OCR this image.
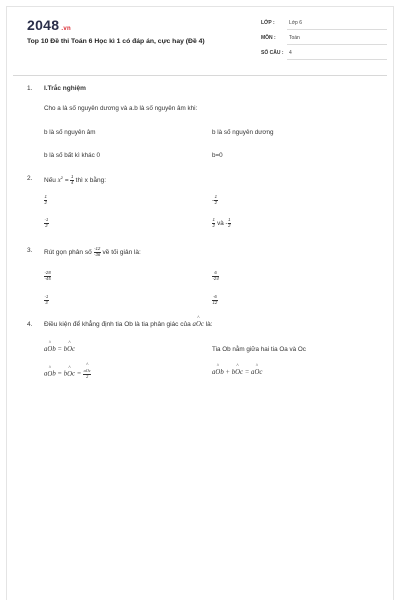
2048 .vn
Top 10 Đề thi Toán 6 Học kì 1 có đáp án, cực hay (Đề 4)
LỚP :	Lớp 6
MÔN :	Toán
SỐ CÂU : 4
1. I.Trắc nghiệm
Cho a là số nguyên dương và a.b là số nguyên âm khi:
b là số nguyên âm	b là số nguyên dương
b là số bất kì khác 0	b=0
2. Nếu $x^2 = \frac{1}{4}$ thì x bằng:
$\frac{1}{2}$	- $\frac{1}{2}$
$\frac{-1}{2}$	$\frac{1}{2}$ và - $\frac{1}{2}$
3. Rút gọn phân số $\frac{-12}{-36}$ về tối giản là:
$\frac{-28}{-45}$	$\frac{6}{-24}$
$\frac{-1}{3}$	$\frac{-6}{12}$
4. Điều kiện để khẳng định tia Ob là tia phân giác của a^ Oc là:
a^ Ob = b^ Oc	Tia Ob nằm giữa hai tia Oa và Oc
a^ Ob = b^ $Oc = \frac{a\^{} Oc}{2}$	a^ Ob + b^ Oc = a^ Oc
